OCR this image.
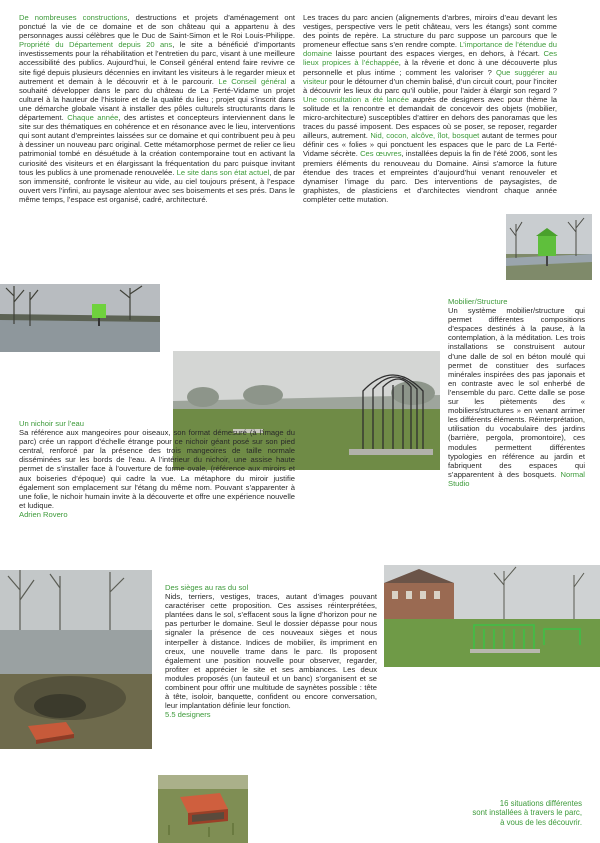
De nombreuses constructions, destructions et projets d’aménagement ont ponctué la vie de ce domaine et de son château qui a appartenu à des personnages aussi célèbres que le Duc de Saint-Simon et le Roi Louis-Philippe. Propriété du Département depuis 20 ans, le site a bénéficié d’importants investissements pour la réhabilitation et l’entretien du parc, visant à une meilleure accessibilité des publics. Aujourd’hui, le Conseil général entend faire revivre ce site figé depuis plusieurs décennies en invitant les visiteurs à le regarder mieux et autrement et demain à le découvrir et à le parcourir. Le Conseil général a souhaité développer dans le parc du château de La Ferté-Vidame un projet culturel à la hauteur de l’histoire et de la qualité du lieu ; projet qui s’inscrit dans une démarche globale visant à installer des pôles culturels structurants dans le département. Chaque année, des artistes et concepteurs interviennent dans le site sur des thématiques en cohérence et en résonance avec le lieu, interventions qui sont autant d’empreintes laissées sur ce domaine et qui contribuent peu à peu à dessiner un nouveau parc original. Cette métamorphose permet de relier ce lieu patrimonial tombé en désuétude à la création contemporaine tout en activant la curiosité des visiteurs et en élargissant la fréquentation du parc puisque invitant tous les publics à une promenade renouvelée. Le site dans son état actuel, de par son immensité, confronte le visiteur au vide, au ciel toujours présent, à l’espace ouvert vers l’infini, au paysage alentour avec ses boisements et ses prés. Dans le même temps, l’espace est organisé, cadré, architecturé.
Les traces du parc ancien (alignements d’arbres, miroirs d’eau devant les vestiges, perspective vers le petit château, vers les étangs) sont comme des points de repère. La structure du parc suppose un parcours que le promeneur effectue sans s’en rendre compte. L’importance de l’étendue du domaine laisse pourtant des espaces vierges, en dehors, à l’écart. Ces lieux propices à l’échappée, à la rêverie et donc à une découverte plus personnelle et plus intime ; comment les valoriser ? Que suggérer au visiteur pour le détourner d’un chemin balisé, d’un circuit court, pour l’inciter à découvrir les lieux du parc qu’il oublie, pour l’aider à élargir son regard ? Une consultation a été lancée auprès de designers avec pour thème la solitude et la rencontre et demandait de concevoir des objets (mobilier, micro-architecture) susceptibles d’attirer en dehors des panoramas que les traces du passé imposent. Des espaces où se poser, se reposer, regarder ailleurs, autrement. Nid, cocon, alcôve, îlot, bosquet autant de termes pour définir ces « folies » qui ponctuent les espaces que le parc de La Ferté-Vidame sécrète. Ces œuvres, installées depuis la fin de l’été 2006, sont les premiers éléments du renouveau du Domaine. Ainsi s’amorce la future étendue des traces et empreintes d’aujourd’hui venant renouveler et dynamiser l’image du parc. Des interventions de paysagistes, de graphistes, de plasticiens et d’architectes viendront chaque année compléter cette mutation.
Mobilier/Structure
Un système mobilier/structure qui permet différentes compositions d’espaces destinés à la pause, à la contemplation, à la méditation. Les trois installations se construisent autour d’une dalle de sol en béton moulé qui permet de constituer des surfaces minérales inspirées des pas japonais et en contraste avec le sol enherbé de l’ensemble du parc. Cette dalle se pose sur les piètements des « mobiliers/structures » en venant arrimer les différents éléments. Réinterprétation, utilisation du vocabulaire des jardins (barrière, pergola, promontoire), ces modules permettent différentes typologies en référence au jardin et fabriquent des espaces qui s’apparentent à des bosquets. Normal Studio
Un nichoir sur l’eau
Sa référence aux mangeoires pour oiseaux, son format démesuré (à l’image du parc) crée un rapport d’échelle étrange pour ce nichoir géant posé sur son pied central, renforcé par la présence des trois mangeoires de taille normale disséminées sur les bords de l’eau. A l’intérieur du nichoir, une assise haute permet de s’installer face à l’ouverture de forme ovale, (référence aux miroirs et aux boiseries d’époque) qui cadre la vue. La métaphore du miroir justifie également son emplacement sur l’étang du même nom. Pouvant s’apparenter à une folie, le nichoir humain invite à la découverte et offre une expérience nouvelle et ludique.
Adrien Rovero
Des sièges au ras du sol
Nids, terriers, vestiges, traces, autant d’images pouvant caractériser cette proposition. Ces assises réinterprétées, plantées dans le sol, s’effacent sous la ligne d’horizon pour ne pas perturber le domaine. Seul le dossier dépasse pour nous signaler la présence de ces nouveaux sièges et nous interpeller à distance. Indices de mobilier, ils impriment en creux, une nouvelle trame dans le parc. Ils proposent également une position nouvelle pour observer, regarder, profiter et apprécier le site et ses ambiances. Les deux modules proposés (un fauteuil et un banc) s’organisent et se combinent pour offrir une multitude de saynètes possible : tête à tête, isoloir, banquette, confident ou encore conversation, leur implantation définie leur fonction.
5.5 designers
16 situations différentes
sont installées à travers le parc,
à vous de les découvrir.
